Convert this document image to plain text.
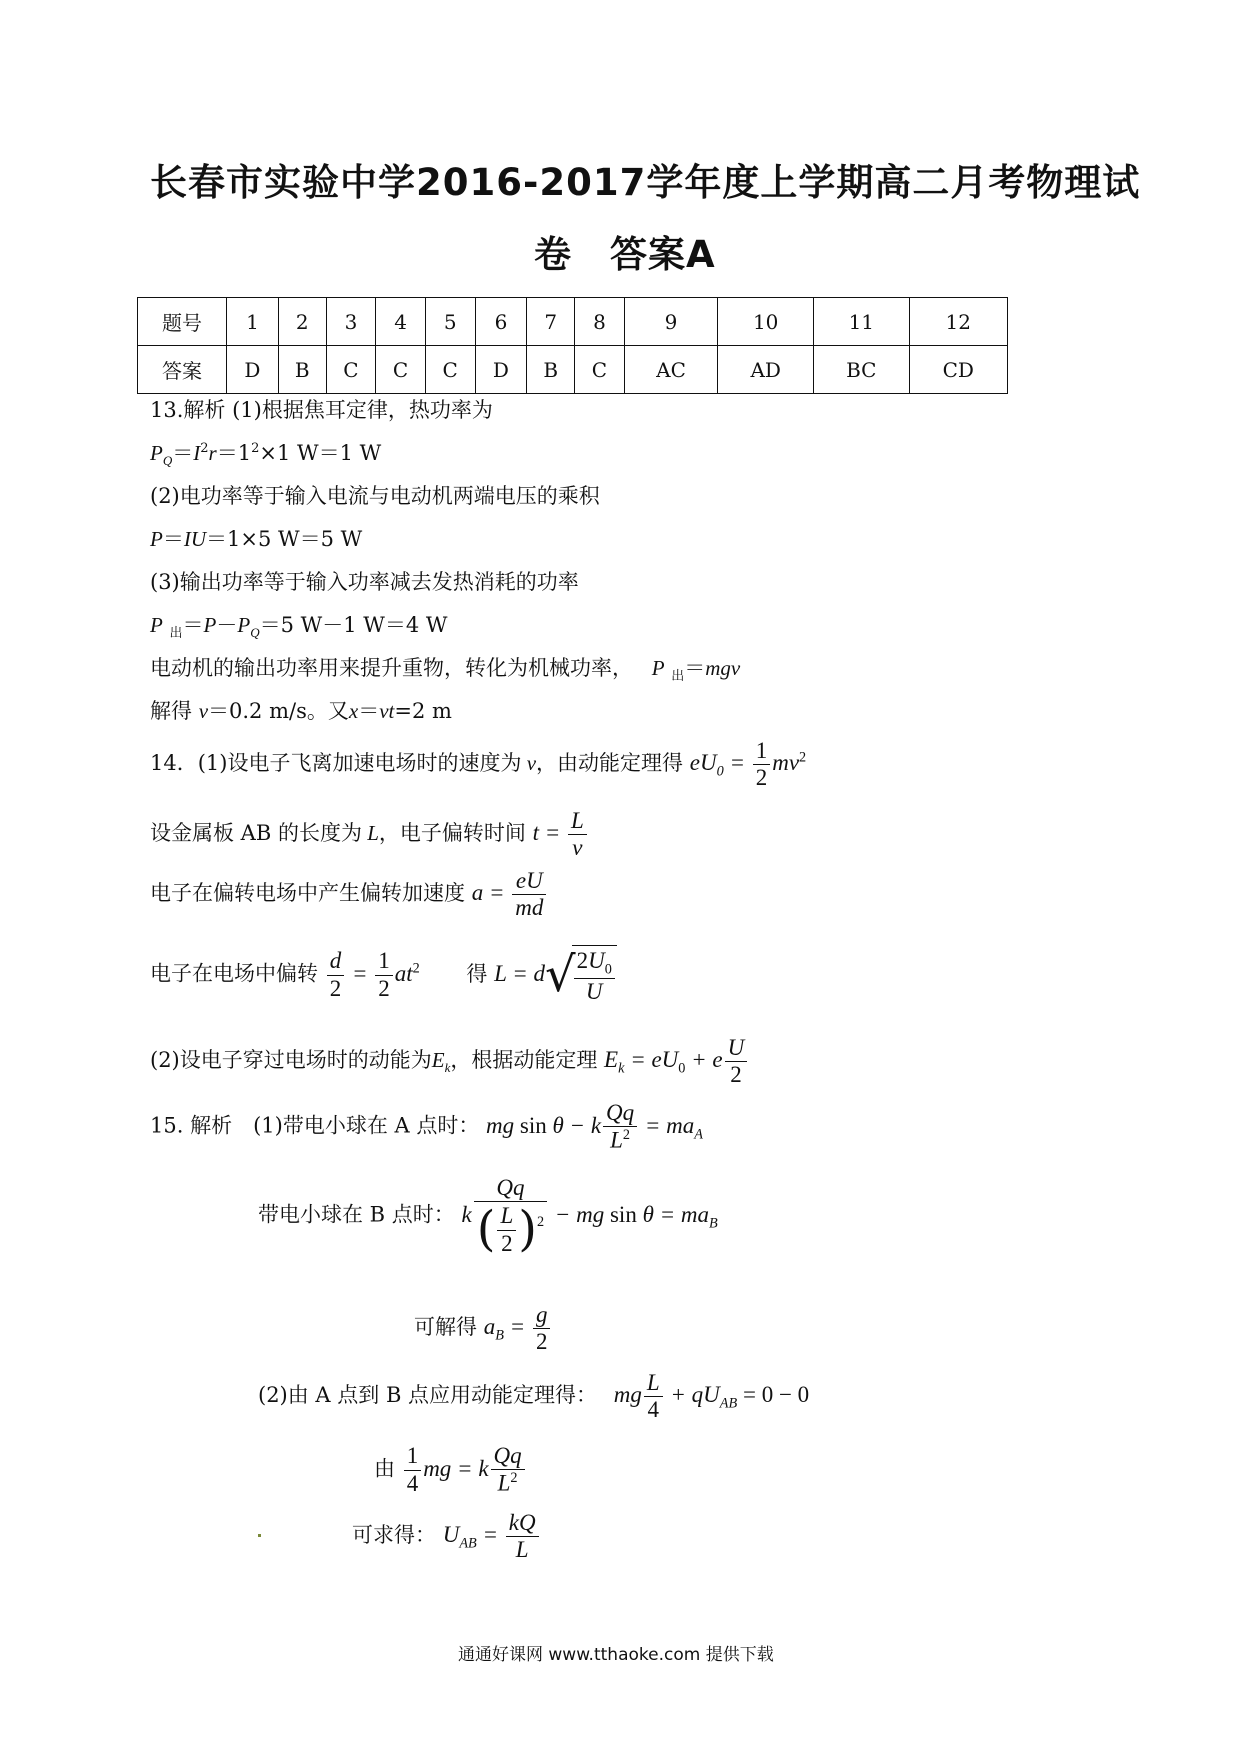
长春市实验中学2016-2017学年度上学期高二月考物理试
卷　答案A
题号	1	2	3	4	5	6	7	8	9	10	11	12
答案	D	B	C	C	C	D	B	C	AC	AD	BC	CD
13.解析 (1)根据焦耳定律，热功率为
$P_Q=I^2r=1^2\times 1$ W＝1 W
(2)电功率等于输入电流与电动机两端电压的乘积
P＝IU＝1×5 W＝5 W
(3)输出功率等于输入功率减去发热消耗的功率
P $_出=P-P_Q=5$ W－1 W＝4 W
电动机的输出功率用来提升重物，转化为机械功率， P $_出$＝mgv
解得 v＝0.2 m/s。又x＝vt=2 m
14．(1)设电子飞离加速电场时的速度为 v，由动能定理得 $eU_0 = \frac{1}{2} mv^2$
设金属板 AB 的长度为 L，电子偏转时间 $t = \frac{L}{v}$
电子在偏转电场中产生偏转加速度 $a = \frac{eU}{md}$
电子在电场中偏转 $\frac{d}{2} = \frac{1}{2} at^2$ 得 L = d√
$\frac{2U_0}{U}$
(2)设电子穿过电场时的动能为$E_k$，根据动能定理 $E_k = eU_0 + e \frac{U}{2}$
15. 解析　(1)带电小球在 A 点时： mg sin θ − k $\frac{Qq}{L^2} = ma_A$
带电小球在 B 点时： k $\frac{Qq}{( \frac{L}{2} )^2}$ − mg $\sin \theta = ma_B$
可解得 $a_B = \frac{g}{2}$
(2)由 A 点到 B 点应用动能定理得： mg $\frac{L}{4} + qU_{AB} = 0 - 0$
由 $\frac{1}{4}$ mg = k $\frac{Qq}{L^2}$
可求得： $U_{AB} = \frac{kQ}{L}$
通通好课网 www.tthaoke.com 提供下载
